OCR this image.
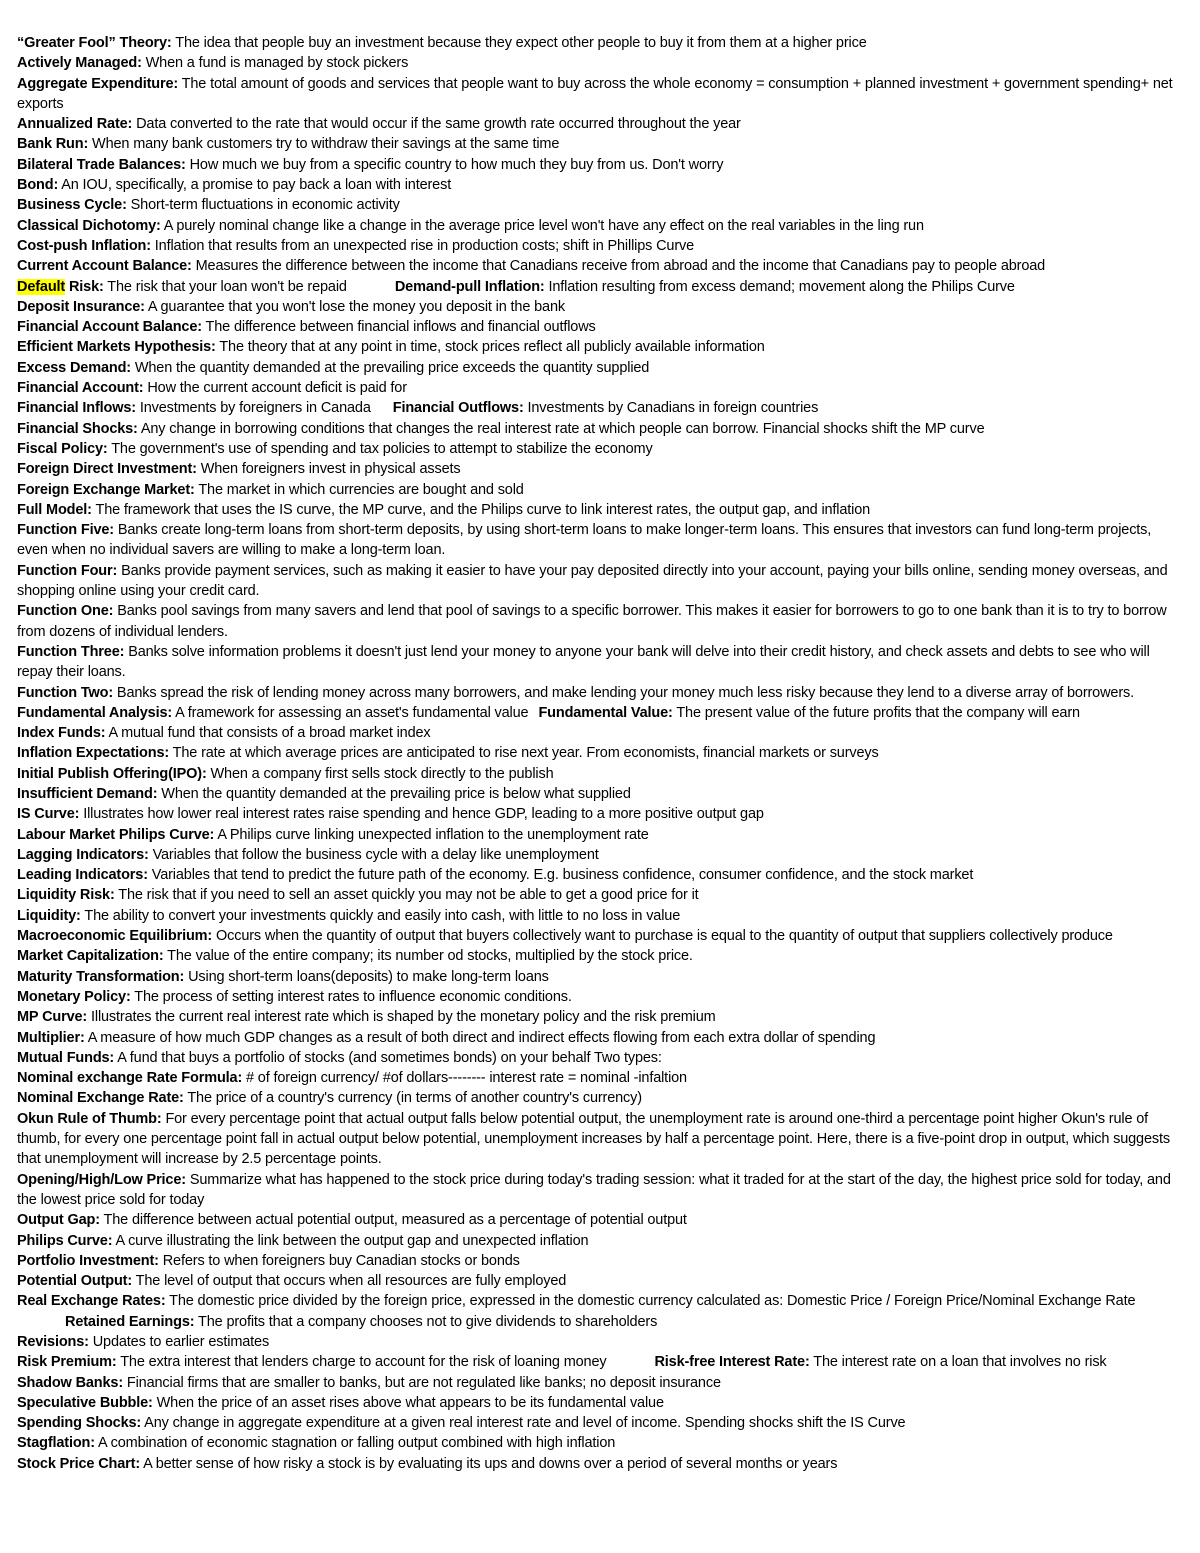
“Greater Fool” Theory: The idea that people buy an investment because they expect other people to buy it from them at a higher price
Actively Managed: When a fund is managed by stock pickers
Aggregate Expenditure: The total amount of goods and services that people want to buy across the whole economy = consumption + planned investment + government spending+ net exports
Annualized Rate: Data converted to the rate that would occur if the same growth rate occurred throughout the year
Bank Run: When many bank customers try to withdraw their savings at the same time
Bilateral Trade Balances: How much we buy from a specific country to how much they buy from us. Don't worry
Bond: An IOU, specifically, a promise to pay back a loan with interest
Business Cycle: Short-term fluctuations in economic activity
Classical Dichotomy: A purely nominal change like a change in the average price level won't have any effect on the real variables in the ling run
Cost-push Inflation: Inflation that results from an unexpected rise in production costs; shift in Phillips Curve
Current Account Balance: Measures the difference between the income that Canadians receive from abroad and the income that Canadians pay to people abroad
Default Risk: The risk that your loan won't be repaid	Demand-pull Inflation: Inflation resulting from excess demand; movement along the Philips Curve
Deposit Insurance: A guarantee that you won't lose the money you deposit in the bank
Financial Account Balance: The difference between financial inflows and financial outflows
Efficient Markets Hypothesis: The theory that at any point in time, stock prices reflect all publicly available information
Excess Demand: When the quantity demanded at the prevailing price exceeds the quantity supplied
Financial Account: How the current account deficit is paid for
Financial Inflows: Investments by foreigners in Canada Financial Outflows: Investments by Canadians in foreign countries
Financial Shocks: Any change in borrowing conditions that changes the real interest rate at which people can borrow. Financial shocks shift the MP curve
Fiscal Policy: The government's use of spending and tax policies to attempt to stabilize the economy
Foreign Direct Investment: When foreigners invest in physical assets
Foreign Exchange Market: The market in which currencies are bought and sold
Full Model: The framework that uses the IS curve, the MP curve, and the Philips curve to link interest rates, the output gap, and inflation
Function Five: Banks create long-term loans from short-term deposits, by using short-term loans to make longer-term loans. This ensures that investors can fund long-term projects, even when no individual savers are willing to make a long-term loan.
Function Four: Banks provide payment services, such as making it easier to have your pay deposited directly into your account, paying your bills online, sending money overseas, and shopping online using your credit card.
Function One: Banks pool savings from many savers and lend that pool of savings to a specific borrower. This makes it easier for borrowers to go to one bank than it is to try to borrow from dozens of individual lenders.
Function Three: Banks solve information problems it doesn't just lend your money to anyone your bank will delve into their credit history, and check assets and debts to see who will repay their loans.
Function Two: Banks spread the risk of lending money across many borrowers, and make lending your money much less risky because they lend to a diverse array of borrowers.
Fundamental Analysis: A framework for assessing an asset's fundamental value Fundamental Value: The present value of the future profits that the company will earn
Index Funds: A mutual fund that consists of a broad market index
Inflation Expectations: The rate at which average prices are anticipated to rise next year. From economists, financial markets or surveys
Initial Publish Offering(IPO): When a company first sells stock directly to the publish
Insufficient Demand: When the quantity demanded at the prevailing price is below what supplied
IS Curve: Illustrates how lower real interest rates raise spending and hence GDP, leading to a more positive output gap
Labour Market Philips Curve: A Philips curve linking unexpected inflation to the unemployment rate
Lagging Indicators: Variables that follow the business cycle with a delay like unemployment
Leading Indicators: Variables that tend to predict the future path of the economy. E.g. business confidence, consumer confidence, and the stock market
Liquidity Risk: The risk that if you need to sell an asset quickly you may not be able to get a good price for it
Liquidity: The ability to convert your investments quickly and easily into cash, with little to no loss in value
Macroeconomic Equilibrium: Occurs when the quantity of output that buyers collectively want to purchase is equal to the quantity of output that suppliers collectively produceMarket Capitalization: The value of the entire company; its number od stocks, multiplied by the stock price.
Maturity Transformation: Using short-term loans(deposits) to make long-term loans
Monetary Policy: The process of setting interest rates to influence economic conditions.
MP Curve: Illustrates the current real interest rate which is shaped by the monetary policy and the risk premium
Multiplier: A measure of how much GDP changes as a result of both direct and indirect effects flowing from each extra dollar of spending
Mutual Funds: A fund that buys a portfolio of stocks (and sometimes bonds) on your behalf Two types:
Nominal exchange Rate Formula: # of foreign currency/ #of dollars-------- interest rate = nominal -infaltion
Nominal Exchange Rate: The price of a country's currency (in terms of another country's currency)
Okun Rule of Thumb: For every percentage point that actual output falls below potential output, the unemployment rate is around one-third a percentage point higher Okun's rule of thumb, for every one percentage point fall in actual output below potential, unemployment increases by half a percentage point. Here, there is a five-point drop in output, which suggests that unemployment will increase by 2.5 percentage points.
Opening/High/Low Price: Summarize what has happened to the stock price during today's trading session: what it traded for at the start of the day, the highest price sold for today, and the lowest price sold for today
Output Gap: The difference between actual potential output, measured as a percentage of potential output
Philips Curve: A curve illustrating the link between the output gap and unexpected inflation
Portfolio Investment: Refers to when foreigners buy Canadian stocks or bonds
Potential Output: The level of output that occurs when all resources are fully employed
Real Exchange Rates: The domestic price divided by the foreign price, expressed in the domestic currency calculated as: Domestic Price / Foreign Price/Nominal Exchange RateRetained Earnings: The profits that a company chooses not to give dividends to shareholders
Revisions: Updates to earlier estimates
Risk Premium: The extra interest that lenders charge to account for the risk of loaning money	Risk-free Interest Rate: The interest rate on a loan that involves no riskShadow Banks: Financial firms that are smaller to banks, but are not regulated like banks; no deposit insurance
Speculative Bubble: When the price of an asset rises above what appears to be its fundamental value
Spending Shocks: Any change in aggregate expenditure at a given real interest rate and level of income. Spending shocks shift the IS Curve
Stagflation: A combination of economic stagnation or falling output combined with high inflation
Stock Price Chart: A better sense of how risky a stock is by evaluating its ups and downs over a period of several months or years
